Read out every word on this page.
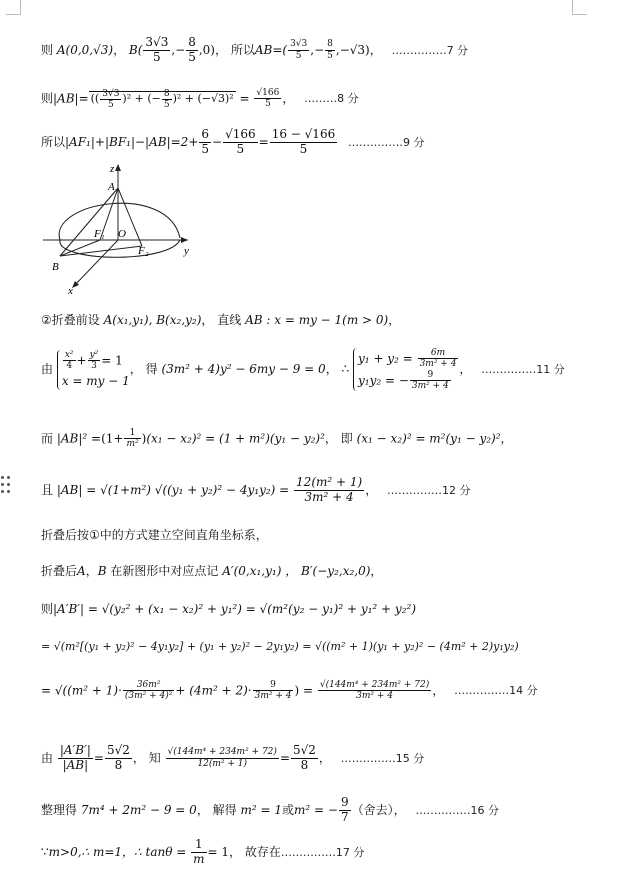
则 A(0,0,√3)， $B( \frac{3√3}{5}$ ,− $\frac{8}{5} ,0$)， 所以$AB=( \frac{3√3}{5}$ ,− $\frac{8}{5} ,-√3$)， ……………7 分
则|AB|= (( $\frac{3√3}{5} )^2$ + (− $\frac{8}{5} )^2 + (-√3)^2 = \frac{√166}{5}$ ， ………8 分
所以$|AF_1|+|BF_1|-|AB|=2+ \frac{6}{5} - \frac{√166}{5} = \frac{16 - √166}{5}$ ……………9 分
z
A
F₁ O
F₂	y
B
x
②折叠前设 A(x₁,y₁), B(x₂,y₂)， 直线 AB : x = my − 1(m > 0)，
由 $\frac{\text{x²}}{4} + \frac{\text{y²}}{3} = 1$
x = my − 1
， 得 (3m² + 4)y² − 6my − 9 = 0， ∴
$y_1 + y_2 = \frac{6m}{\text{3m² + 4}}$
y₁y₂ = − $\frac{9}{\text{3m² + 4}}$
， ……………11 分
而 $|AB|^2 =(1+ \frac{1}{\text{m²}} )(x_1 - x_2)^2 = (1 + m^2)(y_1 - y_2)^2$， 即 (x₁ − x₂)² = m²(y₁ − y₂)²，
且 |AB| = √(1+m²) $√((y_1 + y_2)^2 - 4y_1y_2) = \frac{\text{12(m² + 1)}}{\text{3m² + 4}}$ ， ……………12 分
折叠后按①中的方式建立空间直角坐标系，
折叠后A，B 在新图形中对应点记 A′(0,x₁,y₁) ， B′(−y₂,x₂,0)，
则|A′B′| = √(y₂² + (x₁ − x₂)² + y₁²) = √(m²(y₂ − y₁)² + y₁² + y₂²)
= √(m²[(y₁ + y₂)² − 4y₁y₂] + (y₁ + y₂)² − 2y₁y₂) = √((m² + 1)(y₁ + y₂)² − (4m² + 2)y₁y₂)
= $√((m^2 + 1)\cdot \frac{\text{36m²}}{\text{(3m² + 4)²}} + (4m^2 + 2)\cdot \frac{9}{\text{3m² + 4}}$ ) = $\frac{\text{√(144m⁴ + 234m² + 72)}}{\text{3m² + 4}}$ ， ……………14 分
由 $\frac{|A'B'|}{|AB|} = \frac{5√2}{8}$ ， 知 $\frac{\text{√(144m⁴ + 234m² + 72)}}{\text{12(m² + 1)}} = \frac{5√2}{8}$ ， ……………15 分
整理得 7m⁴ + 2m² − 9 = 0， 解得 m² = 1或m² = − $\frac{9}{7}$ （舍去）， ……………16 分
∵m>0,∴ m=1，∴ $\tan\theta = \frac{1}{m} = 1$， 故存在……………17 分
